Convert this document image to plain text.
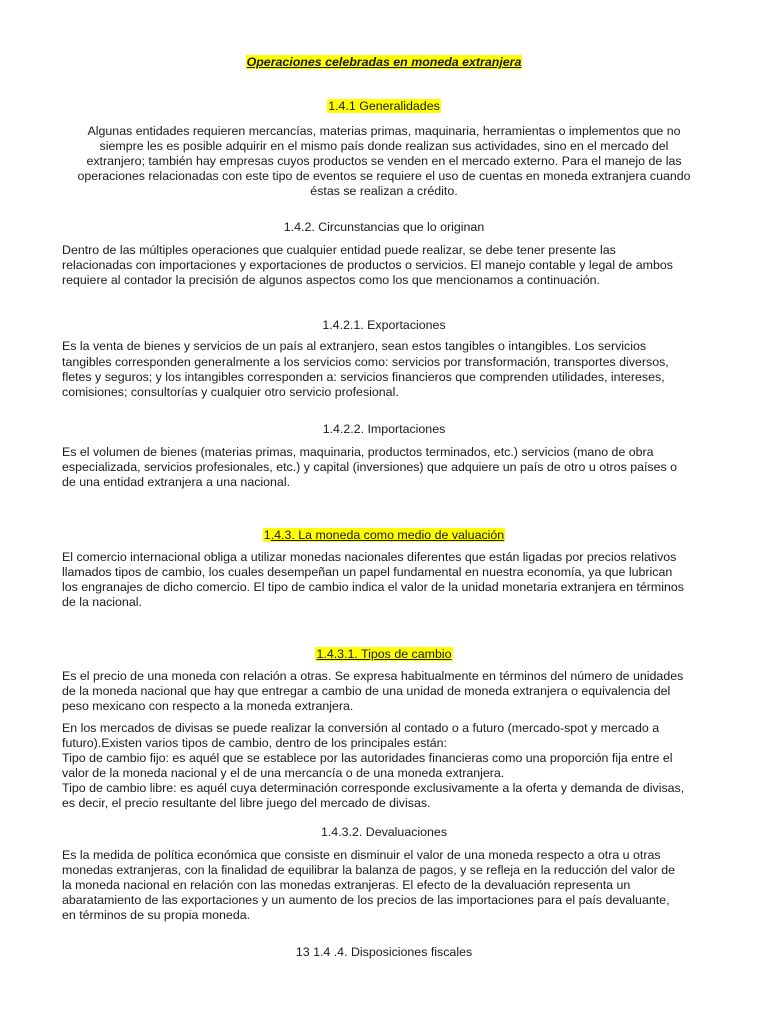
Operaciones celebradas en moneda extranjera
1.4.1 Generalidades

Algunas entidades requieren mercancías, materias primas, maquinaria, herramientas o implementos que no

siempre les es posible adquirir en el mismo país donde realizan sus actividades, sino en el mercado del

extranjero; también hay empresas cuyos productos se venden en el mercado externo. Para el manejo de las

operaciones relacionadas con este tipo de eventos se requiere el uso de cuentas en moneda extranjera cuando

éstas se realizan a crédito.

1.4.2. Circunstancias que lo originan

Dentro de las múltiples operaciones que cualquier entidad puede realizar, se debe tener presente las

relacionadas con importaciones y exportaciones de productos o servicios. El manejo contable y legal de ambos

requiere al contador la precisión de algunos aspectos como los que mencionamos a continuación.

1.4.2.1. Exportaciones

Es la venta de bienes y servicios de un país al extranjero, sean estos tangibles o intangibles. Los servicios

tangibles corresponden generalmente a los servicios como: servicios por transformación, transportes diversos,

fletes y seguros; y los intangibles corresponden a: servicios financieros que comprenden utilidades, intereses,

comisiones; consultorías y cualquier otro servicio profesional.

1.4.2.2. Importaciones

Es el volumen de bienes (materias primas, maquinaria, productos terminados, etc.) servicios (mano de obra

especializada, servicios profesionales, etc.) y capital (inversiones) que adquiere un país de otro u otros países o

de una entidad extranjera a una nacional.

1.4.3. La moneda como medio de valuación

El comercio internacional obliga a utilizar monedas nacionales diferentes que están ligadas por precios relativos

llamados tipos de cambio, los cuales desempeñan un papel fundamental en nuestra economía, ya que lubrican

los engranajes de dicho comercio. El tipo de cambio indica el valor de la unidad monetaria extranjera en términos

de la nacional.

1.4.3.1. Tipos de cambio

Es el precio de una moneda con relación a otras. Se expresa habitualmente en términos del número de unidades

de la moneda nacional que hay que entregar a cambio de una unidad de moneda extranjera o equivalencia del

peso mexicano con respecto a la moneda extranjera.

En los mercados de divisas se puede realizar la conversión al contado o a futuro (mercado-spot y mercado a

futuro).Existen varios tipos de cambio, dentro de los principales están:

Tipo de cambio fijo: es aquél que se establece por las autoridades financieras como una proporción fija entre el

valor de la moneda nacional y el de una mercancía o de una moneda extranjera.

Tipo de cambio libre: es aquél cuya determinación corresponde exclusivamente a la oferta y demanda de divisas,

es decir, el precio resultante del libre juego del mercado de divisas.

1.4.3.2. Devaluaciones

Es la medida de política económica que consiste en disminuir el valor de una moneda respecto a otra u otras

monedas extranjeras, con la finalidad de equilibrar la balanza de pagos, y se refleja en la reducción del valor de

la moneda nacional en relación con las monedas extranjeras. El efecto de la devaluación representa un

abaratamiento de las exportaciones y un aumento de los precios de las importaciones para el país devaluante,

en términos de su propia moneda.

13 1.4 .4. Disposiciones fiscales
